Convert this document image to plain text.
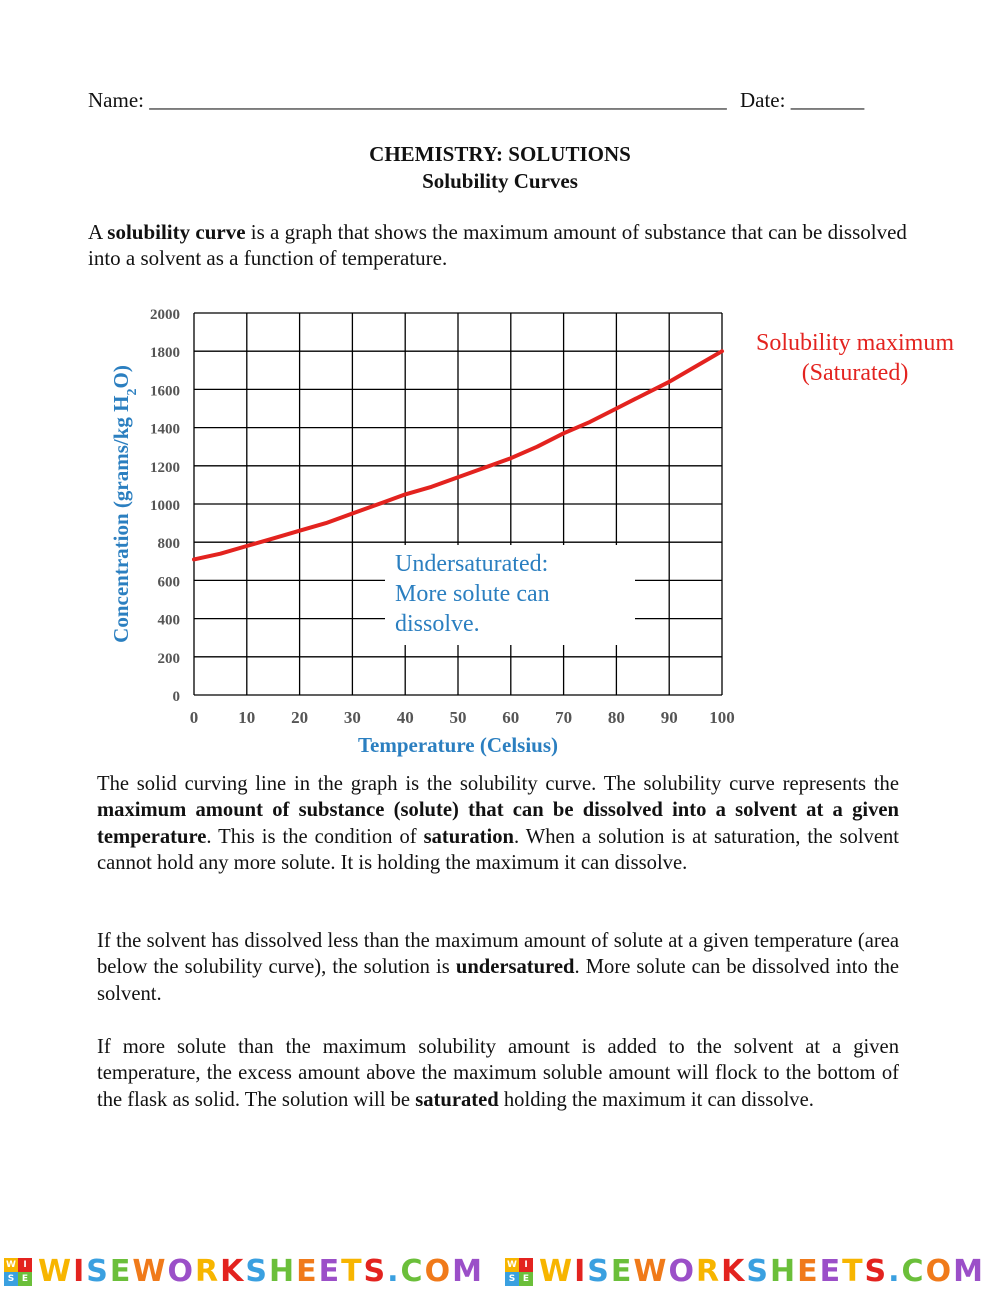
Name: _______________________________________________________ Date: _______
CHEMISTRY: SOLUTIONS
Solubility Curves
A solubility curve is a graph that shows the maximum amount of substance that can be dissolved into a solvent as a function of temperature.
0 10 20 30 40 50 60 70 80 90 100
0
200
400
600
800
1000
1200
1400
1600
1800
2000
Temperature (Celsius)
Concentration (grams/kg $H_2O$)
Solubility maximum
(Saturated)
Undersaturated:
More solute can
dissolve.
The solid curving line in the graph is the solubility curve. The solubility curve represents the maximum amount of substance (solute) that can be dissolved into a solvent at a given temperature. This is the condition of saturation. When a solution is at saturation, the solvent cannot hold any more solute. It is holding the maximum it can dissolve.
If the solvent has dissolved less than the maximum amount of solute at a given temperature (area below the solubility curve), the solution is undersatured. More solute can be dissolved into the solvent.
If more solute than the maximum solubility amount is added to the solvent at a given temperature, the excess amount above the maximum soluble amount will flock to the bottom of the flask as solid. The solution will be saturated holding the maximum it can dissolve.
W I
S E WISEWORKSHEETS.COM	W I
S E WISEWORKSHEETS.COM
